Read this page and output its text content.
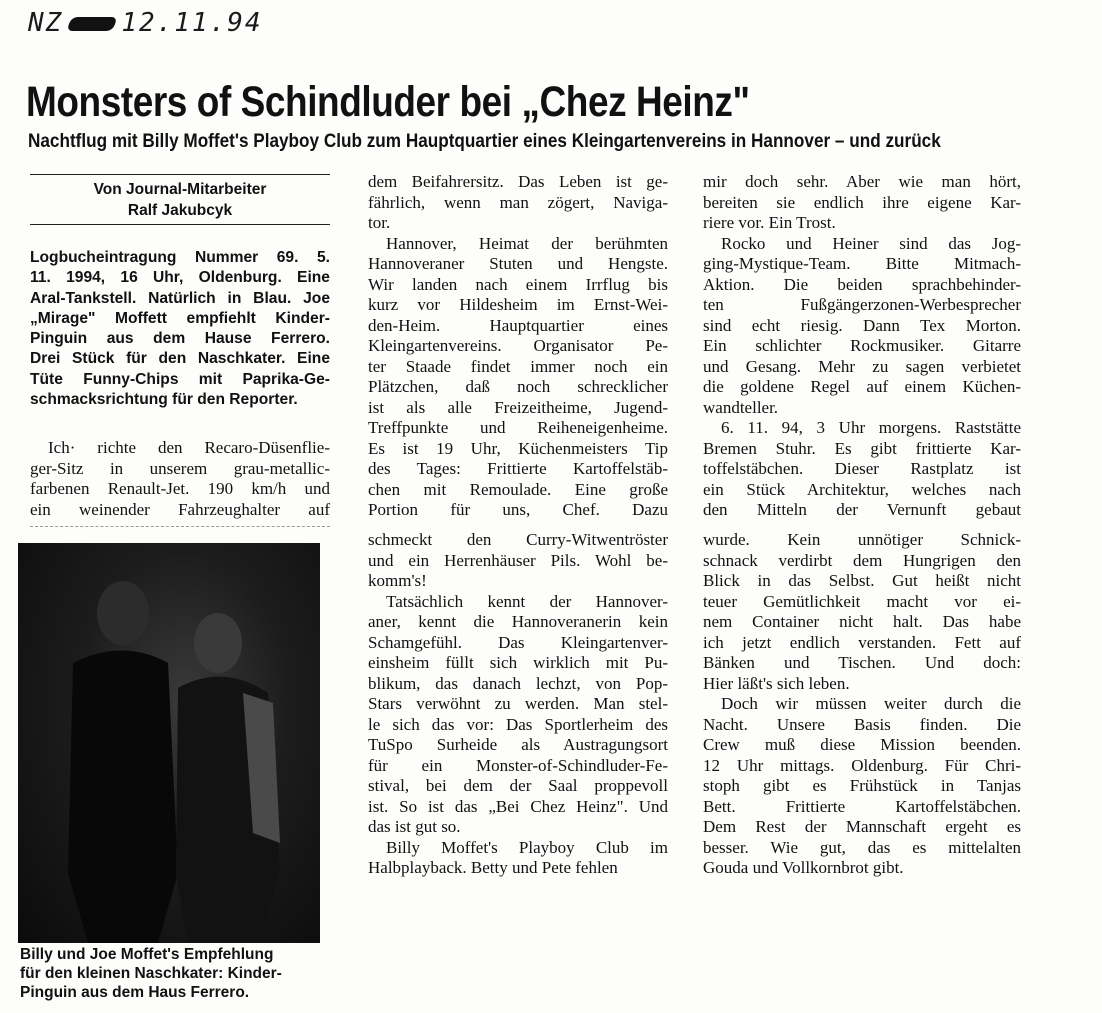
NZ 12.11.94
Monsters of Schindluder bei „Chez Heinz"
Nachtflug mit Billy Moffet's Playboy Club zum Hauptquartier eines Kleingartenvereins in Hannover – und zurück
Von Journal-Mitarbeiter
Ralf Jakubcyk
Logbucheintragung Nummer 69. 5.
11. 1994, 16 Uhr, Oldenburg. Eine
Aral-Tankstell. Natürlich in Blau. Joe
„Mirage" Moffett empfiehlt Kinder-
Pinguin aus dem Hause Ferrero.
Drei Stück für den Naschkater. Eine
Tüte Funny-Chips mit Paprika-Ge-
schmacksrichtung für den Reporter.
Ich· richte den Recaro-Düsenflie-
ger-Sitz in unserem grau-metallic-
farbenen Renault-Jet. 190 km/h und
ein weinender Fahrzeughalter auf
Billy und Joe Moffet's Empfehlung
für den kleinen Naschkater: Kinder-
Pinguin aus dem Haus Ferrero.
dem Beifahrersitz. Das Leben ist ge-
fährlich, wenn man zögert, Naviga-
tor.
Hannover, Heimat der berühmten
Hannoveraner Stuten und Hengste.
Wir landen nach einem Irrflug bis
kurz vor Hildesheim im Ernst-Wei-
den-Heim. Hauptquartier eines
Kleingartenvereins. Organisator Pe-
ter Staade findet immer noch ein
Plätzchen, daß noch schrecklicher
ist als alle Freizeitheime, Jugend-
Treffpunkte und Reiheneigenheime.
Es ist 19 Uhr, Küchenmeisters Tip
des Tages: Frittierte Kartoffelstäb-
chen mit Remoulade. Eine große
Portion für uns, Chef. Dazu
schmeckt den Curry-Witwentröster
und ein Herrenhäuser Pils. Wohl be-
komm's!
Tatsächlich kennt der Hannover-
aner, kennt die Hannoveranerin kein
Schamgefühl. Das Kleingartenver-
einsheim füllt sich wirklich mit Pu-
blikum, das danach lechzt, von Pop-
Stars verwöhnt zu werden. Man stel-
le sich das vor: Das Sportlerheim des
TuSpo Surheide als Austragungsort
für ein Monster-of-Schindluder-Fe-
stival, bei dem der Saal proppevoll
ist. So ist das „Bei Chez Heinz". Und
das ist gut so.
Billy Moffet's Playboy Club im
Halbplayback. Betty und Pete fehlen
mir doch sehr. Aber wie man hört,
bereiten sie endlich ihre eigene Kar-
riere vor. Ein Trost.
Rocko und Heiner sind das Jog-
ging-Mystique-Team. Bitte Mitmach-
Aktion. Die beiden sprachbehinder-
ten Fußgängerzonen-Werbesprecher
sind echt riesig. Dann Tex Morton.
Ein schlichter Rockmusiker. Gitarre
und Gesang. Mehr zu sagen verbietet
die goldene Regel auf einem Küchen-
wandteller.
6. 11. 94, 3 Uhr morgens. Raststätte
Bremen Stuhr. Es gibt frittierte Kar-
toffelstäbchen. Dieser Rastplatz ist
ein Stück Architektur, welches nach
den Mitteln der Vernunft gebaut
wurde. Kein unnötiger Schnick-
schnack verdirbt dem Hungrigen den
Blick in das Selbst. Gut heißt nicht
teuer Gemütlichkeit macht vor ei-
nem Container nicht halt. Das habe
ich jetzt endlich verstanden. Fett auf
Bänken und Tischen. Und doch:
Hier läßt's sich leben.
Doch wir müssen weiter durch die
Nacht. Unsere Basis finden. Die
Crew muß diese Mission beenden.
12 Uhr mittags. Oldenburg. Für Chri-
stoph gibt es Frühstück in Tanjas
Bett. Frittierte Kartoffelstäbchen.
Dem Rest der Mannschaft ergeht es
besser. Wie gut, das es mittelalten
Gouda und Vollkornbrot gibt.
